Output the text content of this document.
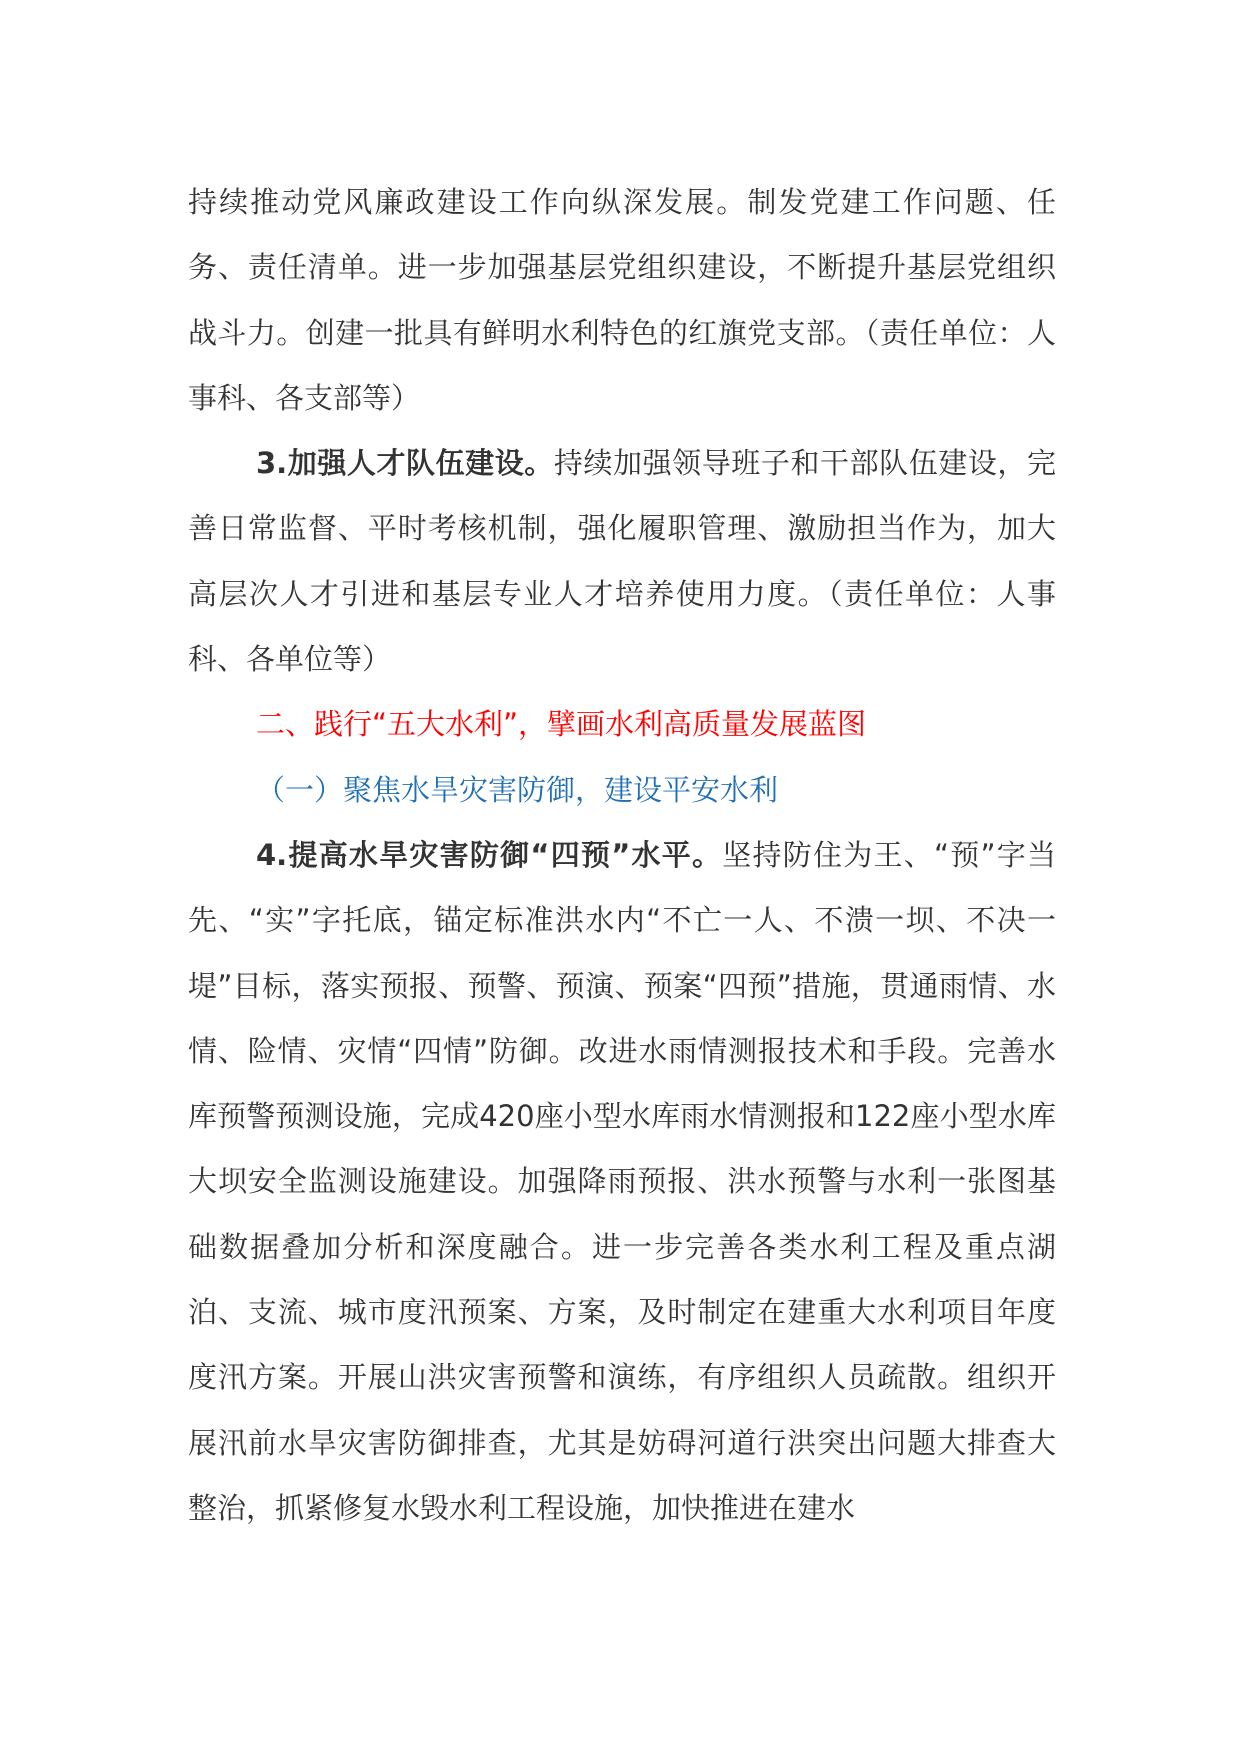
持续推动党风廉政建设工作向纵深发展。制发党建工作问题、任务、责任清单。进一步加强基层党组织建设，不断提升基层党组织战斗力。创建一批具有鲜明水利特色的红旗党支部。（责任单位：人事科、各支部等）

3.加强人才队伍建设。持续加强领导班子和干部队伍建设，完善日常监督、平时考核机制，强化履职管理、激励担当作为，加大高层次人才引进和基层专业人才培养使用力度。（责任单位：人事科、各单位等）

二、践行“五大水利”，擘画水利高质量发展蓝图

（一）聚焦水旱灾害防御，建设平安水利

4.提高水旱灾害防御“四预”水平。坚持防住为王、“预”字当先、“实”字托底，锚定标准洪水内“不亡一人、不溃一坝、不决一堤”目标，落实预报、预警、预演、预案“四预”措施，贯通雨情、水情、险情、灾情“四情”防御。改进水雨情测报技术和手段。完善水库预警预测设施，完成420座小型水库雨水情测报和122座小型水库大坝安全监测设施建设。加强降雨预报、洪水预警与水利一张图基础数据叠加分析和深度融合。进一步完善各类水利工程及重点湖泊、支流、城市度汛预案、方案，及时制定在建重大水利项目年度度汛方案。开展山洪灾害预警和演练，有序组织人员疏散。组织开展汛前水旱灾害防御排查，尤其是妨碍河道行洪突出问题大排查大整治，抓紧修复水毁水利工程设施，加快推进在建水
